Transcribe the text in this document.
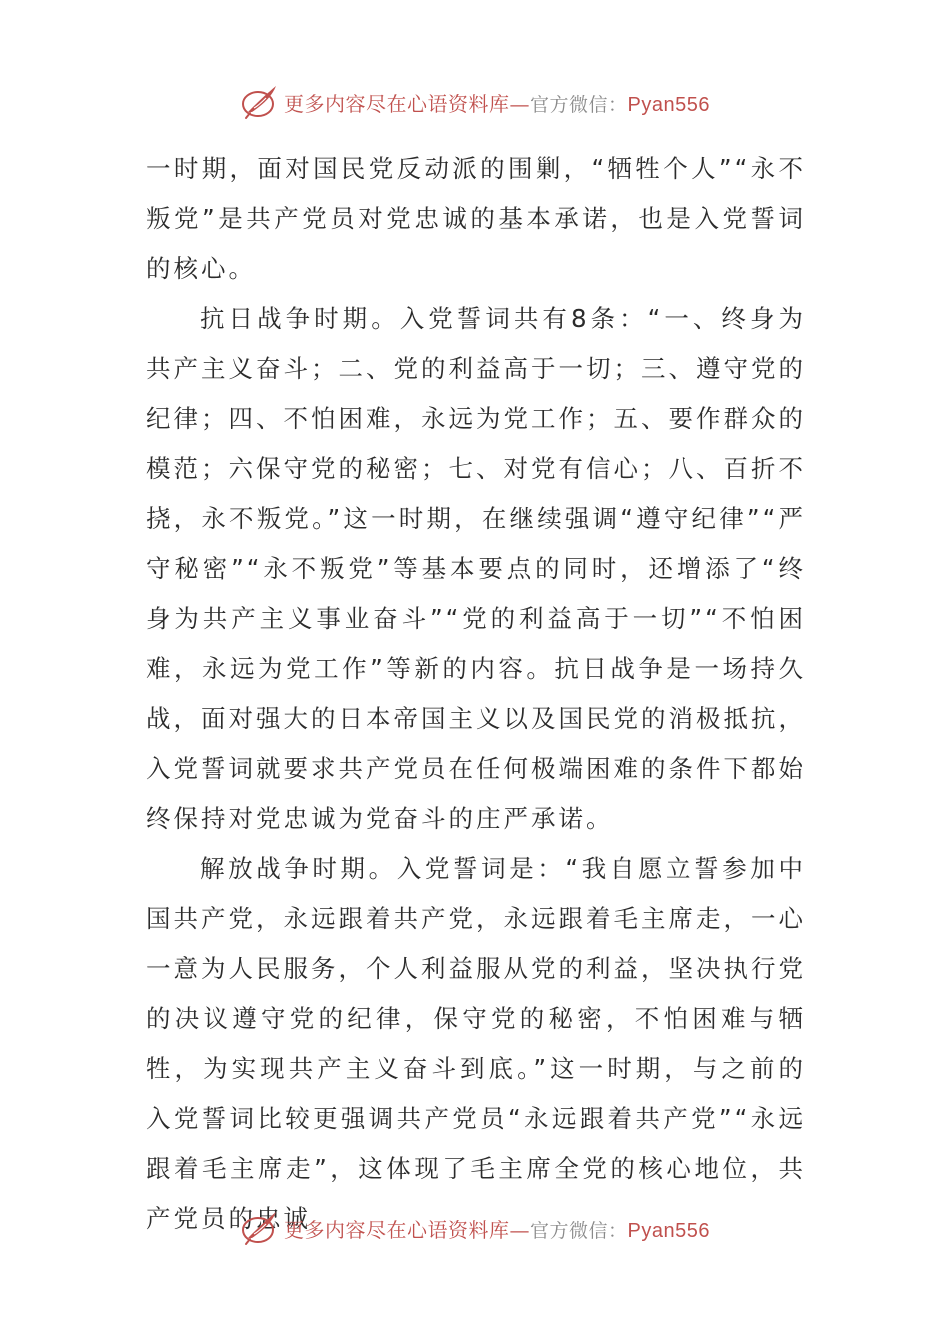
更多内容尽在心语资料库—官方微信：Pyan556

一时期，面对国民党反动派的围剿，“牺牲个人”“永不叛党”是共产党员对党忠诚的基本承诺，也是入党誓词的核心。

抗日战争时期。入党誓词共有8条：“一、终身为共产主义奋斗；二、党的利益高于一切；三、遵守党的纪律；四、不怕困难，永远为党工作；五、要作群众的模范；六保守党的秘密；七、对党有信心；八、百折不挠，永不叛党。”这一时期，在继续强调“遵守纪律”“严守秘密”“永不叛党”等基本要点的同时，还增添了“终身为共产主义事业奋斗”“党的利益高于一切”“不怕困难，永远为党工作”等新的内容。抗日战争是一场持久战，面对强大的日本帝国主义以及国民党的消极抵抗，入党誓词就要求共产党员在任何极端困难的条件下都始终保持对党忠诚为党奋斗的庄严承诺。

解放战争时期。入党誓词是：“我自愿立誓参加中国共产党，永远跟着共产党，永远跟着毛主席走，一心一意为人民服务，个人利益服从党的利益，坚决执行党的决议遵守党的纪律，保守党的秘密，不怕困难与牺牲，为实现共产主义奋斗到底。”这一时期，与之前的入党誓词比较更强调共产党员“永远跟着共产党”“永远跟着毛主席走”，这体现了毛主席全党的核心地位，共产党员的忠诚

更多内容尽在心语资料库—官方微信：Pyan556
